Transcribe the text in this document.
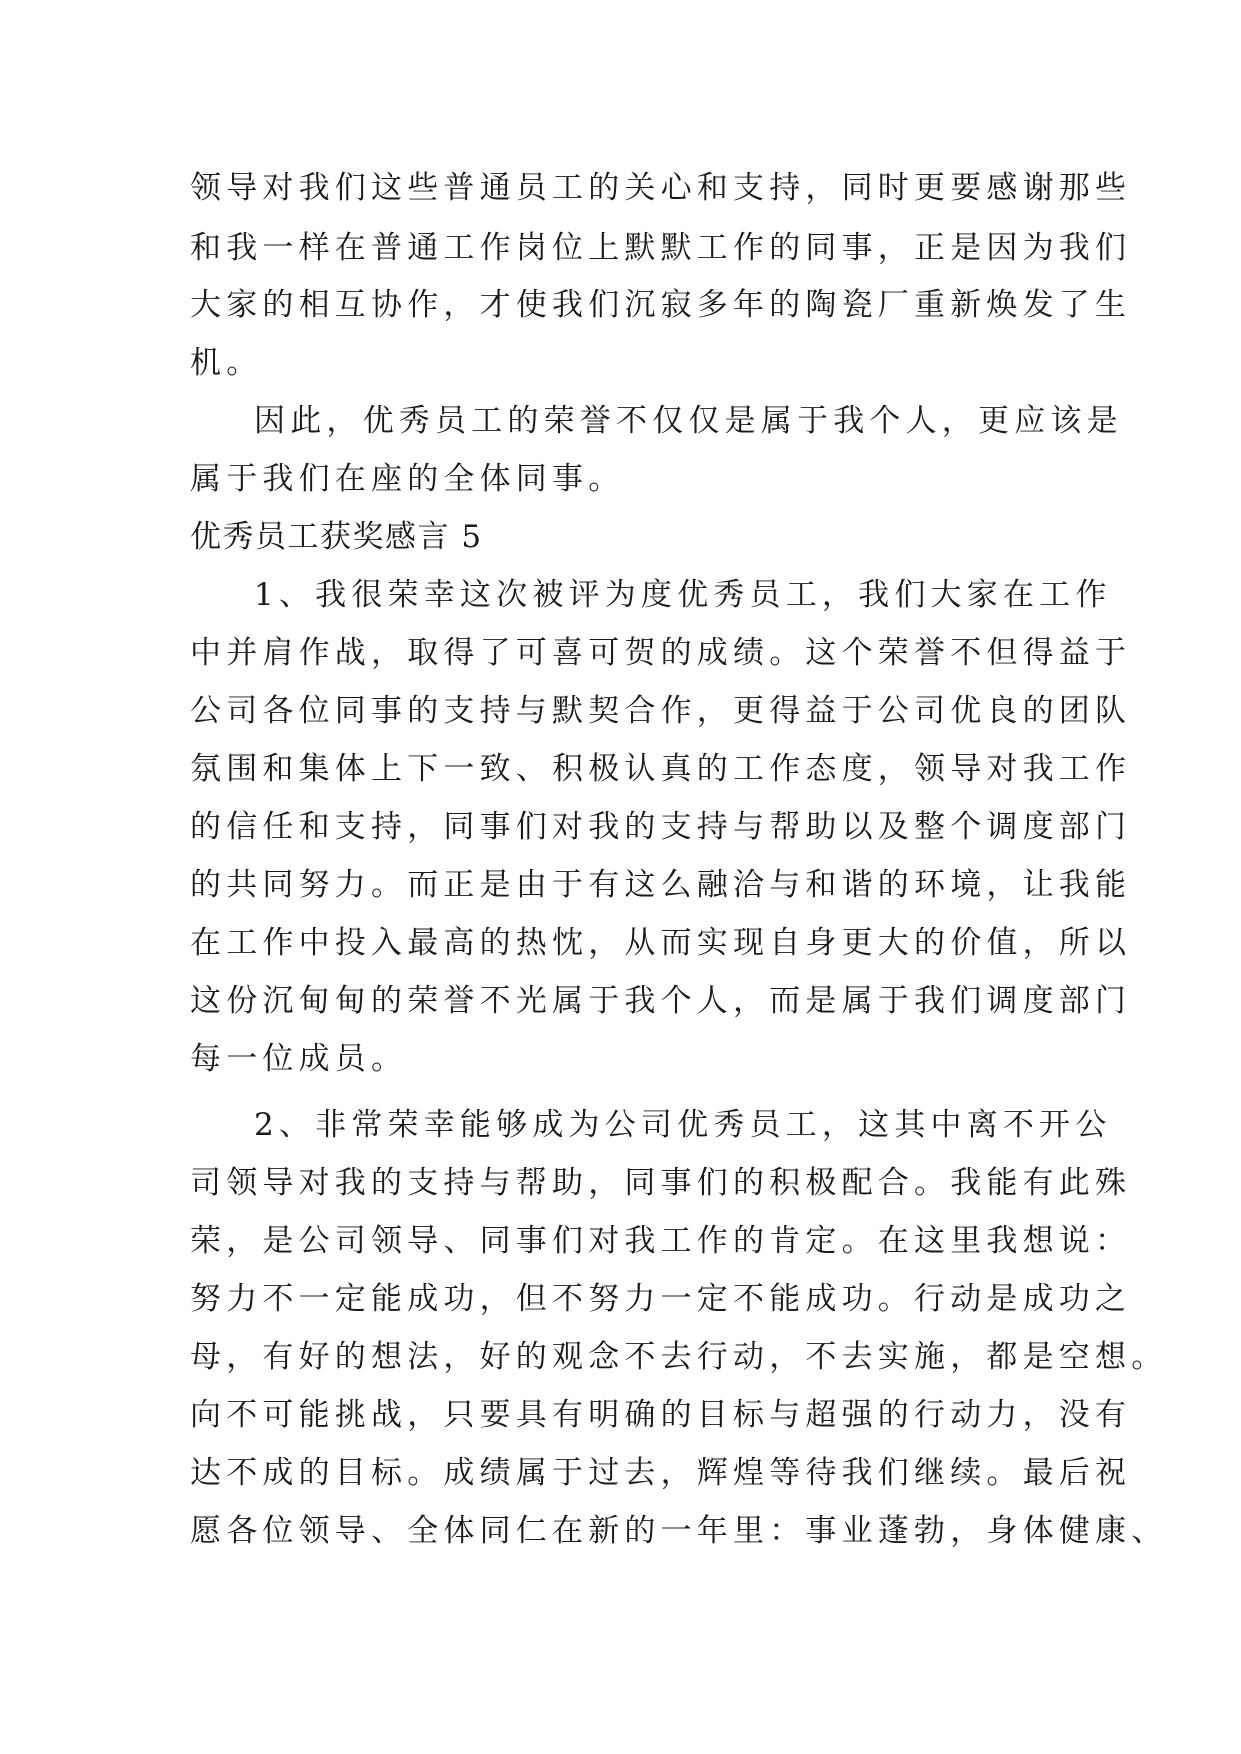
领导对我们这些普通员工的关心和支持，同时更要感谢那些
和我一样在普通工作岗位上默默工作的同事，正是因为我们
大家的相互协作，才使我们沉寂多年的陶瓷厂重新焕发了生
机。
因此，优秀员工的荣誉不仅仅是属于我个人，更应该是
属于我们在座的全体同事。
优秀员工获奖感言 5
1、我很荣幸这次被评为度优秀员工，我们大家在工作
中并肩作战，取得了可喜可贺的成绩。这个荣誉不但得益于
公司各位同事的支持与默契合作，更得益于公司优良的团队
氛围和集体上下一致、积极认真的工作态度，领导对我工作
的信任和支持，同事们对我的支持与帮助以及整个调度部门
的共同努力。而正是由于有这么融洽与和谐的环境，让我能
在工作中投入最高的热忱，从而实现自身更大的价值，所以
这份沉甸甸的荣誉不光属于我个人，而是属于我们调度部门
每一位成员。
2、非常荣幸能够成为公司优秀员工，这其中离不开公
司领导对我的支持与帮助，同事们的积极配合。我能有此殊
荣，是公司领导、同事们对我工作的肯定。在这里我想说：
努力不一定能成功，但不努力一定不能成功。行动是成功之
母，有好的想法，好的观念不去行动，不去实施，都是空想。
向不可能挑战，只要具有明确的目标与超强的行动力，没有
达不成的目标。成绩属于过去，辉煌等待我们继续。最后祝
愿各位领导、全体同仁在新的一年里：事业蓬勃，身体健康、
